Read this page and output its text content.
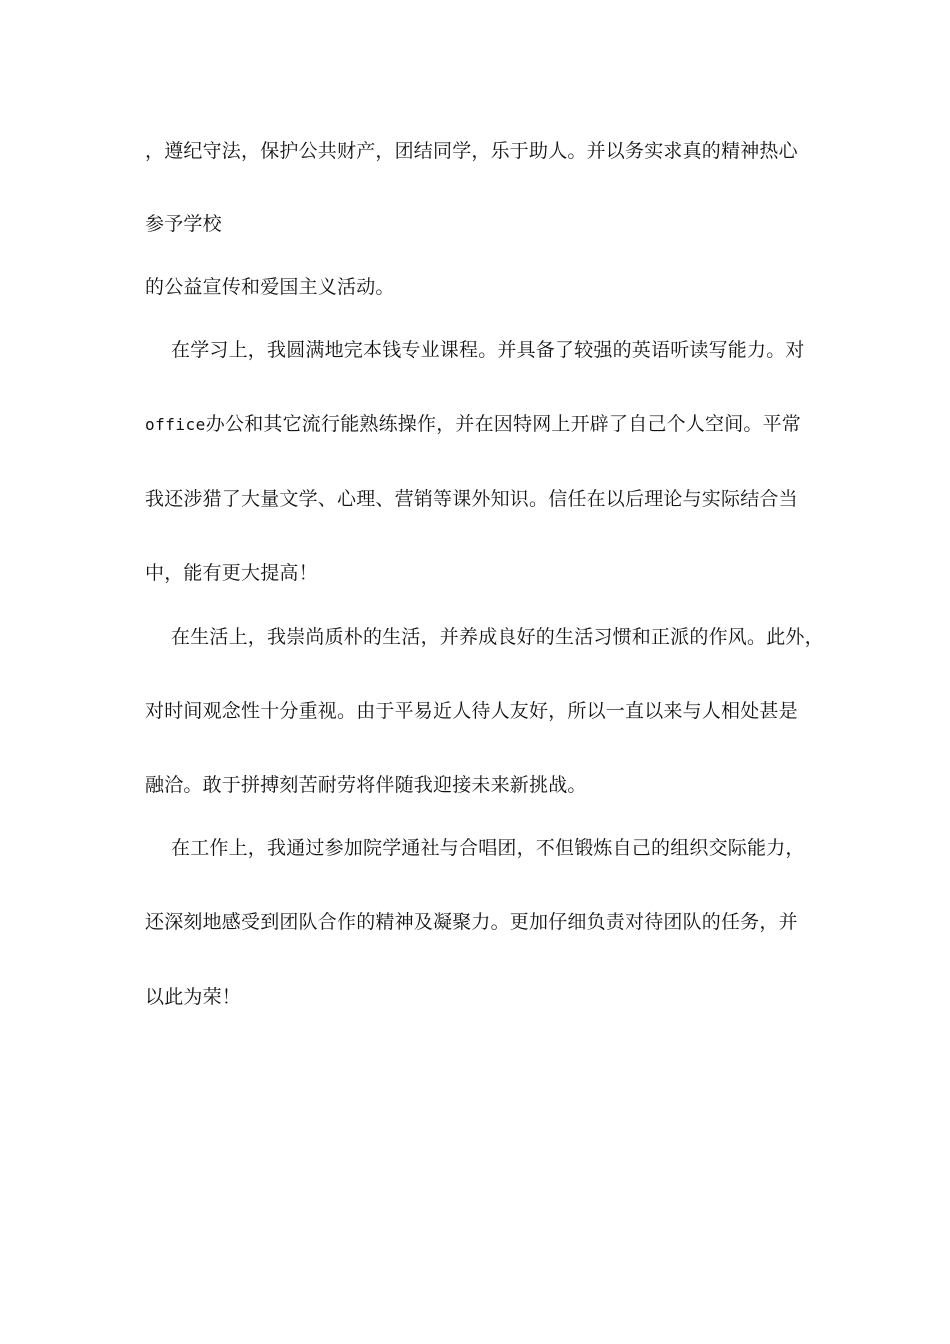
，遵纪守法，保护公共财产，团结同学，乐于助人。并以务实求真的精神热心
参予学校
的公益宣传和爱国主义活动。
在学习上，我圆满地完本钱专业课程。并具备了较强的英语听读写能力。对
office办公和其它流行能熟练操作，并在因特网上开辟了自己个人空间。平常
我还涉猎了大量文学、心理、营销等课外知识。信任在以后理论与实际结合当
中，能有更大提高！
在生活上，我崇尚质朴的生活，并养成良好的生活习惯和正派的作风。此外，
对时间观念性十分重视。由于平易近人待人友好，所以一直以来与人相处甚是
融洽。敢于拼搏刻苦耐劳将伴随我迎接未来新挑战。
在工作上，我通过参加院学通社与合唱团，不但锻炼自己的组织交际能力，
还深刻地感受到团队合作的精神及凝聚力。更加仔细负责对待团队的任务，并
以此为荣！
